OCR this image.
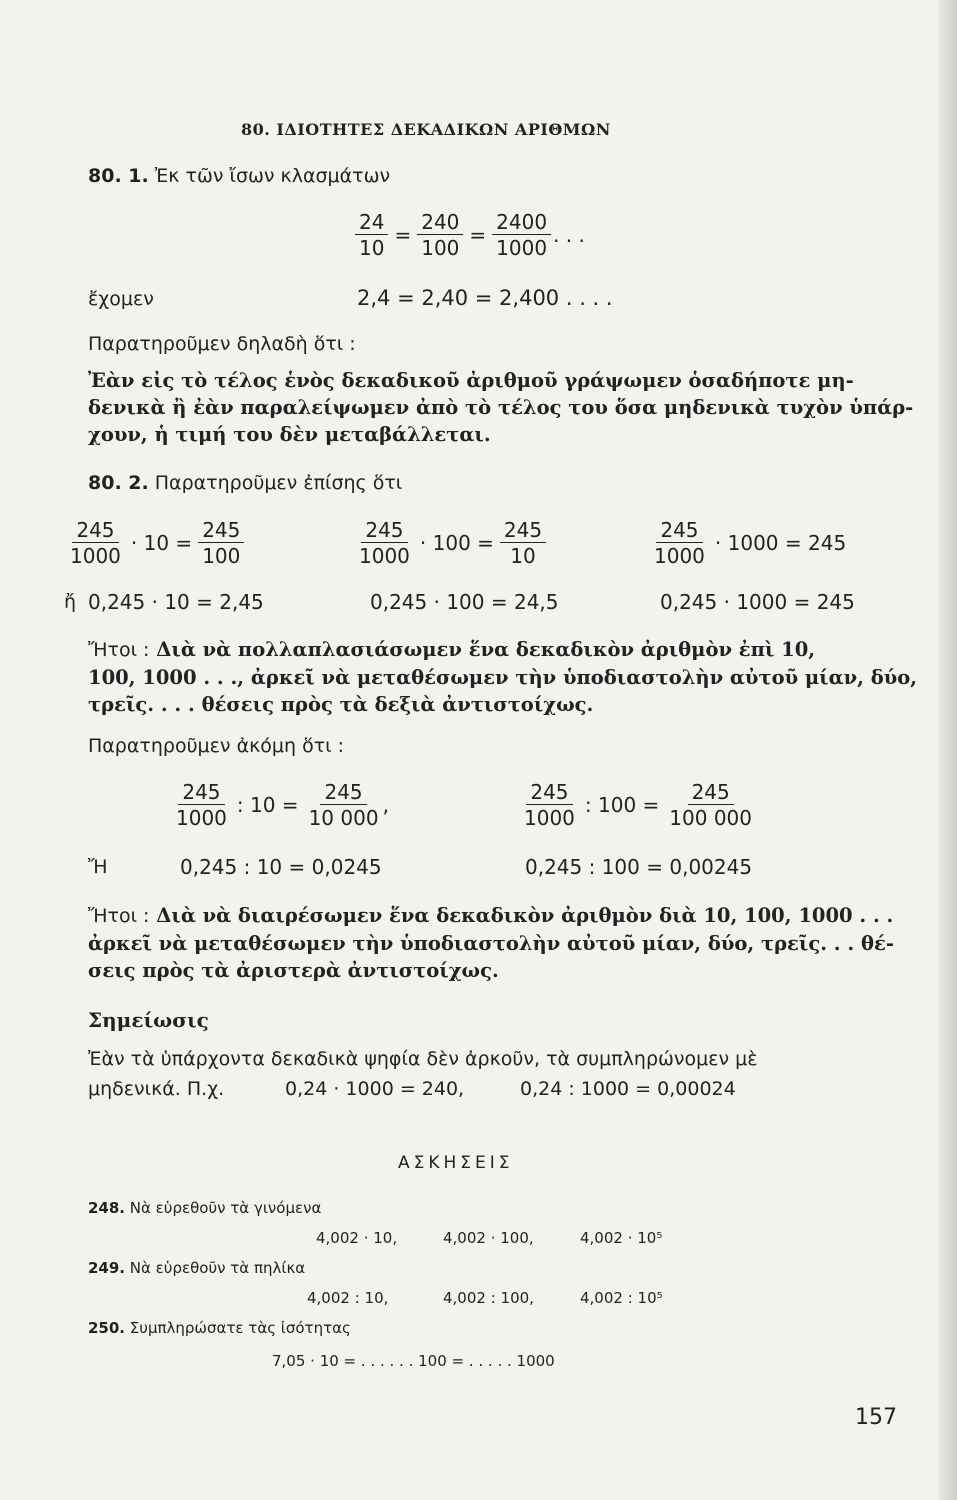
80. ΙΔΙΟΤΗΤΕΣ ΔΕΚΑΔΙΚΩΝ ΑΡΙΘΜΩΝ
80. 1. Ἐκ τῶν ἴσων κλασμάτων
$\frac{24}{10} = \frac{240}{100} = \frac{2400}{1000}$ . . .
ἔχομεν	2,4 = 2,40 = 2,400 . . . .
Παρατηροῦμεν δηλαδὴ ὅτι :
Ἐὰν εἰς τὸ τέλος ἑνὸς δεκαδικοῦ ἀριθμοῦ γράψωμεν ὁσαδήποτε μη-
δενικὰ ἢ ἐὰν παραλείψωμεν ἀπὸ τὸ τέλος του ὅσα μηδενικὰ τυχὸν ὑπάρ-
χουν, ἡ τιμή του δὲν μεταβάλλεται.
80. 2. Παρατηροῦμεν ἐπίσης ὅτι
$\frac{245}{1000} \cdot 10 = \frac{245}{100}$	$\frac{245}{1000} \cdot 100 = \frac{245}{10}$	$\frac{245}{1000} \cdot 1000 = 245$
ἤ 0,245 · 10 = 2,45	0,245 · 100 = 24,5	0,245 · 1000 = 245
Ἤτοι : Διὰ νὰ πολλαπλασιάσωμεν ἕνα δεκαδικὸν ἀριθμὸν ἐπὶ 10,
100, 1000 . . ., ἀρκεῖ νὰ μεταθέσωμεν τὴν ὑποδιαστολὴν αὐτοῦ μίαν, δύο,
τρεῖς. . . . θέσεις πρὸς τὰ δεξιὰ ἀντιστοίχως.
Παρατηροῦμεν ἀκόμη ὅτι :
$\frac{245}{1000}$ : $10 = \frac{245}{10 000}$ ,	$\frac{245}{1000}$ : $100 = \frac{245}{100 000}$
Ἤ	0,245 : 10 = 0,0245	0,245 : 100 = 0,00245
Ἤτοι : Διὰ νὰ διαιρέσωμεν ἕνα δεκαδικὸν ἀριθμὸν διὰ 10, 100, 1000 . . .
ἀρκεῖ νὰ μεταθέσωμεν τὴν ὑποδιαστολὴν αὐτοῦ μίαν, δύο, τρεῖς. . . θέ-
σεις πρὸς τὰ ἀριστερὰ ἀντιστοίχως.
Σημείωσις
Ἐὰν τὰ ὑπάρχοντα δεκαδικὰ ψηφία δὲν ἀρκοῦν, τὰ συμπληρώνομεν μὲ
μηδενικά. Π.χ.	0,24 · 1000 = 240,	0,24 : 1000 = 0,00024
ΑΣΚΗΣΕΙΣ
248. Νὰ εὑρεθοῦν τὰ γινόμενα
4,002 · 10,	4,002 · 100,	4,002 · 10⁵
249. Νὰ εὑρεθοῦν τὰ πηλίκα
4,002 : 10,	4,002 : 100,	4,002 : 10⁵
250. Συμπληρώσατε τὰς ἰσότητας
7,05 · 10 = . . . . . . 100 = . . . . . 1000
157
